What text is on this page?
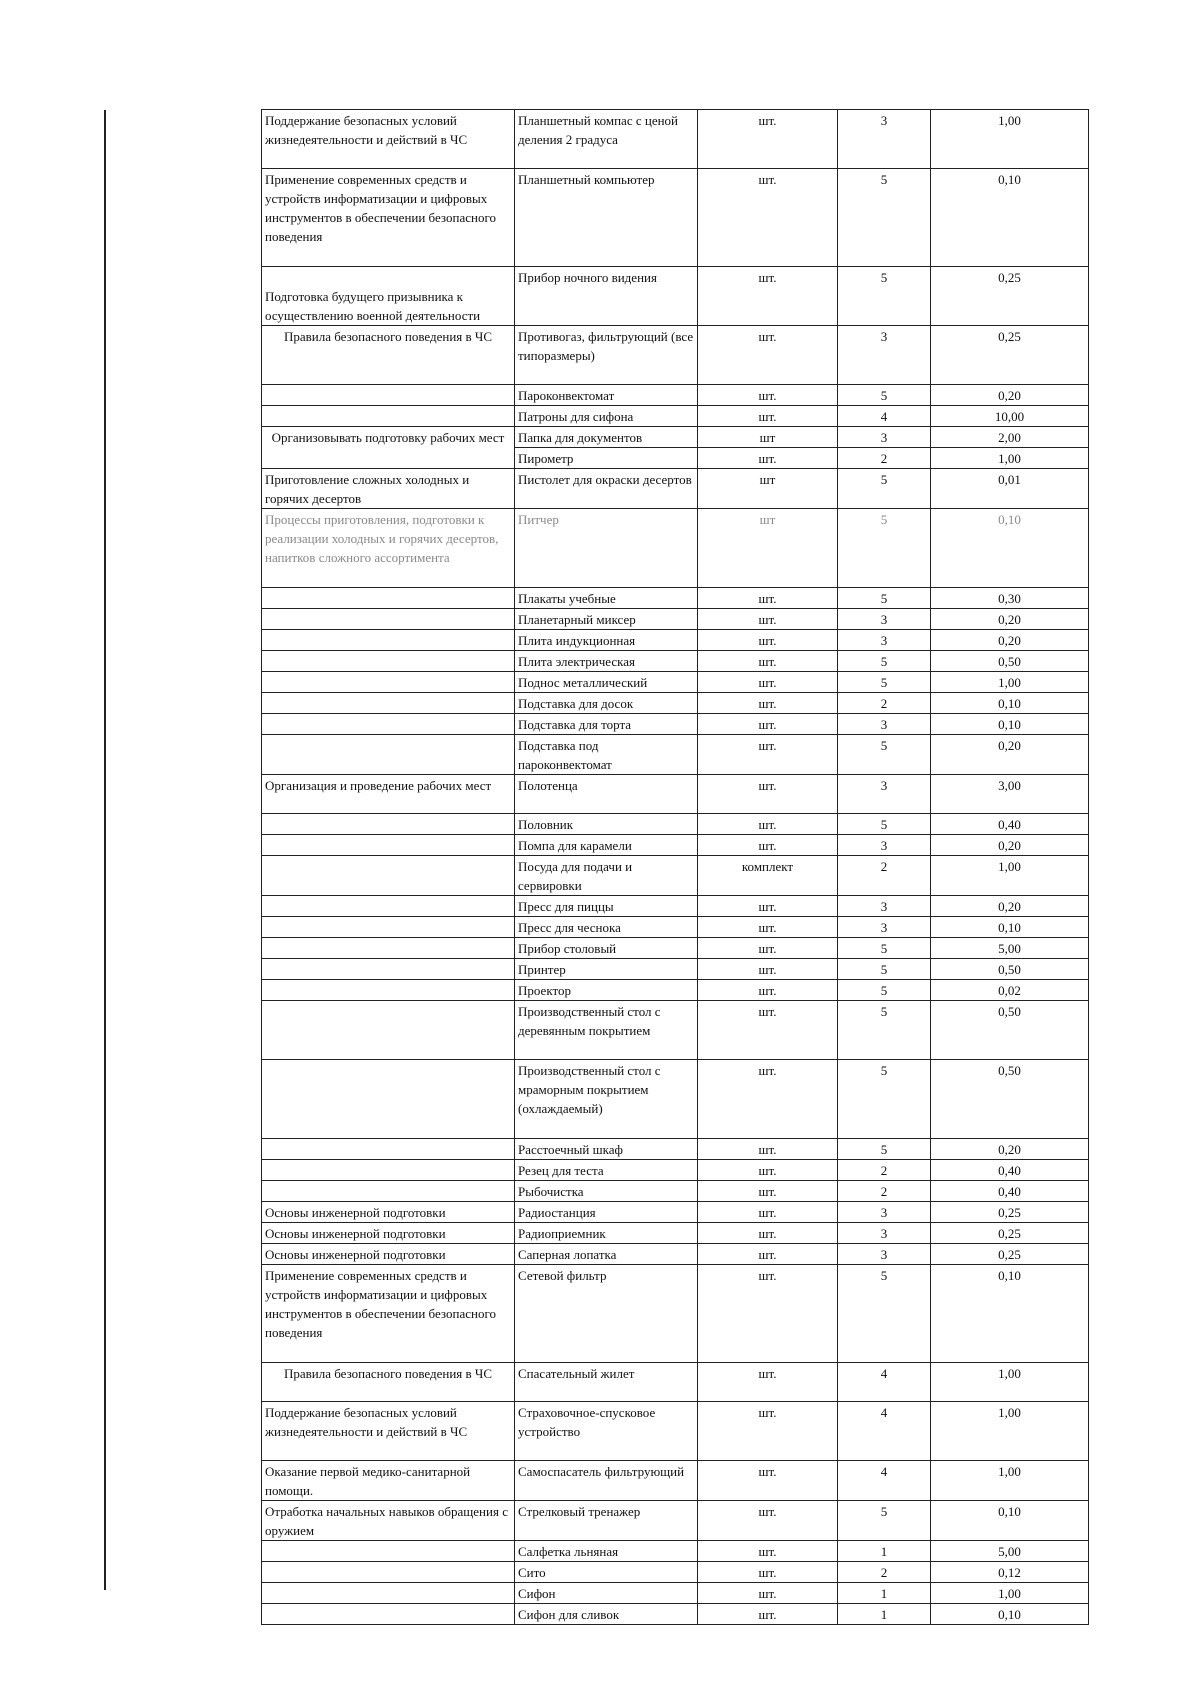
Поддержание безопасных условий жизнедеятельности и действий в ЧС	Планшетный компас с ценой деления 2 градуса	шт.	3	1,00
Применение современных средств и устройств информатизации и цифровых инструментов в обеспечении безопасного поведения	Планшетный компьютер	шт.	5	0,10
Подготовка будущего призывника к осуществлению военной деятельности	Прибор ночного видения	шт.	5	0,25
Правила безопасного поведения в ЧС	Противогаз, фильтрующий (все типоразмеры)	шт.	3	0,25
	Пароконвектомат	шт.	5	0,20
	Патроны для сифона	шт.	4	10,00
Организовывать подготовку рабочих мест	Папка для документов	шт	3	2,00
	Пирометр	шт.	2	1,00
Приготовление сложных холодных и горячих десертов	Пистолет для окраски десертов	шт	5	0,01
Процессы приготовления, подготовки к реализации холодных и горячих десертов, напитков сложного ассортимента	Питчер	шт	5	0,10
	Плакаты учебные	шт.	5	0,30
	Планетарный миксер	шт.	3	0,20
	Плита индукционная	шт.	3	0,20
	Плита электрическая	шт.	5	0,50
	Поднос металлический	шт.	5	1,00
	Подставка для досок	шт.	2	0,10
	Подставка для торта	шт.	3	0,10
	Подставка под пароконвектомат	шт.	5	0,20
Организация и проведение рабочих мест	Полотенца	шт.	3	3,00
	Половник	шт.	5	0,40
	Помпа для карамели	шт.	3	0,20
	Посуда для подачи и сервировки	комплект	2	1,00
	Пресс для пиццы	шт.	3	0,20
	Пресс для чеснока	шт.	3	0,10
	Прибор столовый	шт.	5	5,00
	Принтер	шт.	5	0,50
	Проектор	шт.	5	0,02
	Производственный стол с деревянным покрытием	шт.	5	0,50
	Производственный стол с мраморным покрытием (охлаждаемый)	шт.	5	0,50
	Расстоечный шкаф	шт.	5	0,20
	Резец для теста	шт.	2	0,40
	Рыбочистка	шт.	2	0,40
Основы инженерной подготовки	Радиостанция	шт.	3	0,25
Основы инженерной подготовки	Радиоприемник	шт.	3	0,25
Основы инженерной подготовки	Саперная лопатка	шт.	3	0,25
Применение современных средств и устройств информатизации и цифровых инструментов в обеспечении безопасного поведения	Сетевой фильтр	шт.	5	0,10
Правила безопасного поведения в ЧС	Спасательный жилет	шт.	4	1,00
Поддержание безопасных условий жизнедеятельности и действий в ЧС	Страховочное-спусковое устройство	шт.	4	1,00
Оказание первой медико-санитарной помощи.	Самоспасатель фильтрующий	шт.	4	1,00
Отработка начальных навыков обращения с оружием	Стрелковый тренажер	шт.	5	0,10
	Салфетка льняная	шт.	1	5,00
	Сито	шт.	2	0,12
	Сифон	шт.	1	1,00
	Сифон для сливок	шт.	1	0,10
